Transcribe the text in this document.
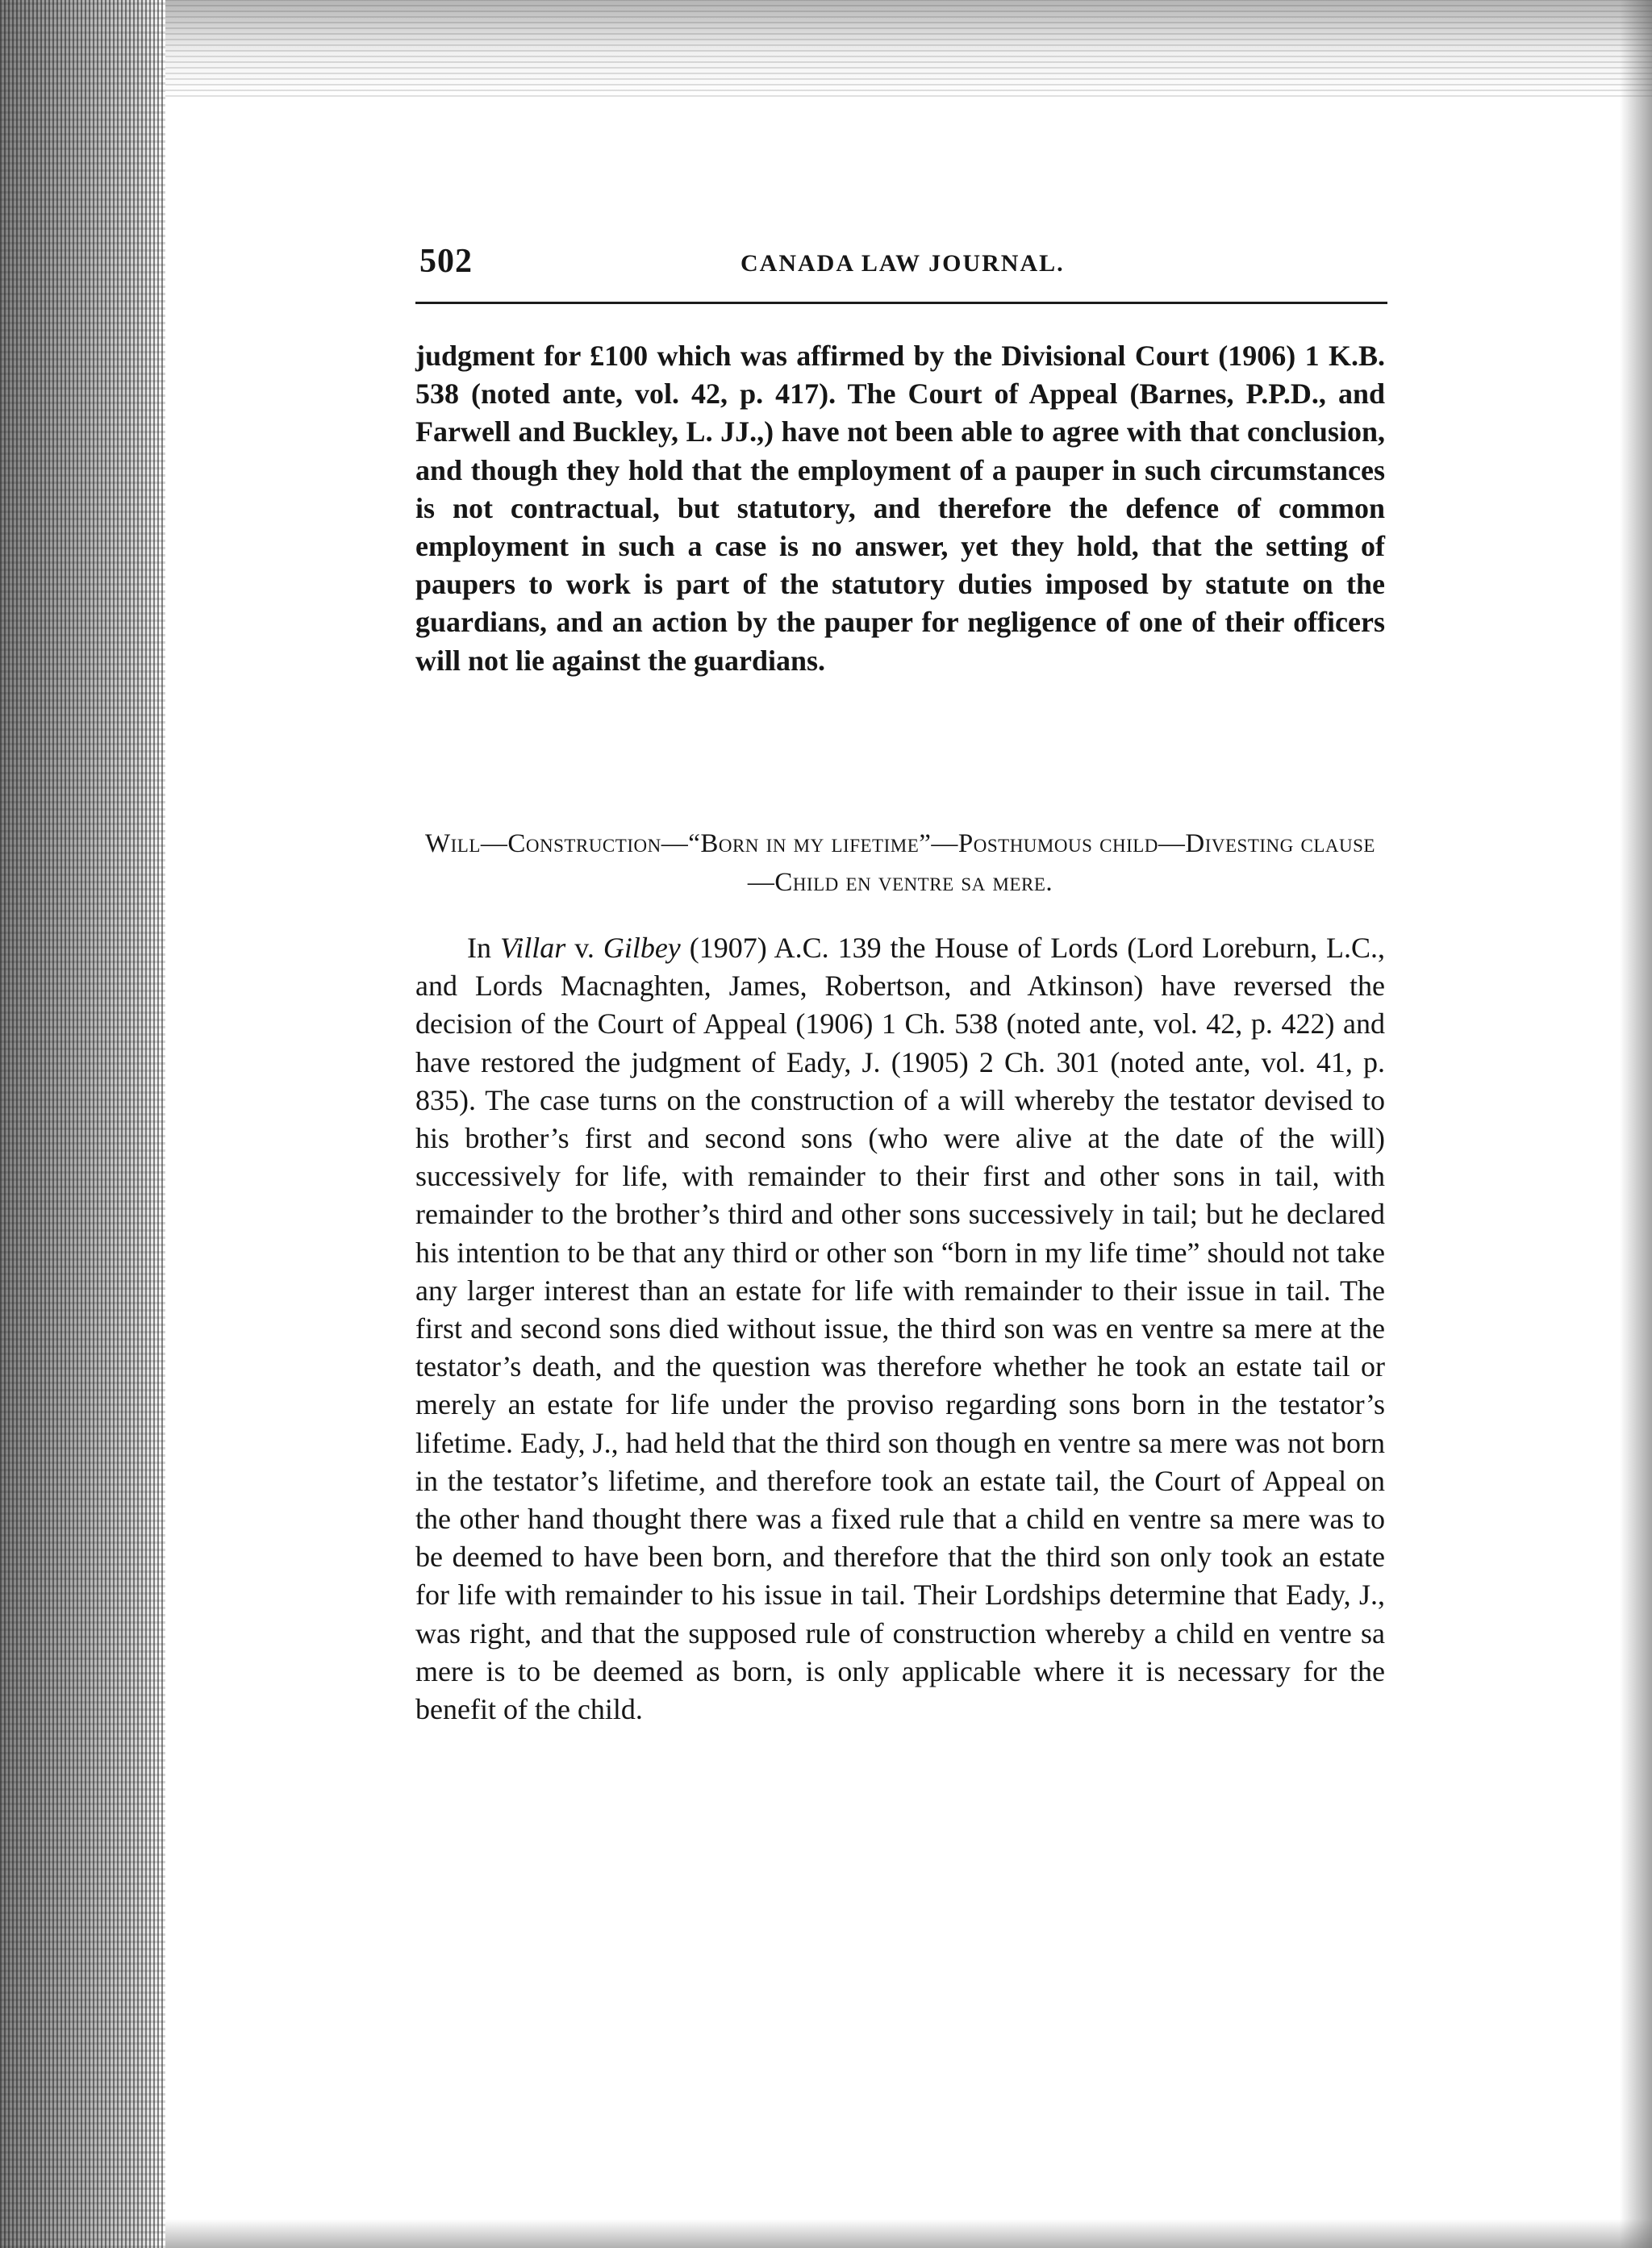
502	CANADA LAW JOURNAL.

judgment for £100 which was affirmed by the Divisional Court (1906) 1 K.B. 538 (noted ante, vol. 42, p. 417). The Court of Appeal (Barnes, P.P.D., and Farwell and Buckley, L. JJ.,) have not been able to agree with that conclusion, and though they hold that the employment of a pauper in such circumstances is not contractual, but statutory, and therefore the defence of common employment in such a case is no answer, yet they hold, that the setting of paupers to work is part of the statutory duties imposed by statute on the guardians, and an action by the pauper for negligence of one of their officers will not lie against the guardians.

Will—Construction—“Born in my lifetime”—Posthumous child—Divesting clause—Child en ventre sa mere.

In Villar v. Gilbey (1907) A.C. 139 the House of Lords (Lord Loreburn, L.C., and Lords Macnaghten, James, Robertson, and Atkinson) have reversed the decision of the Court of Appeal (1906) 1 Ch. 538 (noted ante, vol. 42, p. 422) and have restored the judgment of Eady, J. (1905) 2 Ch. 301 (noted ante, vol. 41, p. 835). The case turns on the construction of a will whereby the testator devised to his brother’s first and second sons (who were alive at the date of the will) successively for life, with remainder to their first and other sons in tail, with remainder to the brother’s third and other sons successively in tail; but he declared his intention to be that any third or other son “born in my life time” should not take any larger interest than an estate for life with remainder to their issue in tail. The first and second sons died without issue, the third son was en ventre sa mere at the testator’s death, and the question was therefore whether he took an estate tail or merely an estate for life under the proviso regarding sons born in the testator’s lifetime. Eady, J., had held that the third son though en ventre sa mere was not born in the testator’s lifetime, and therefore took an estate tail, the Court of Appeal on the other hand thought there was a fixed rule that a child en ventre sa mere was to be deemed to have been born, and therefore that the third son only took an estate for life with remainder to his issue in tail. Their Lordships determine that Eady, J., was right, and that the supposed rule of construction whereby a child en ventre sa mere is to be deemed as born, is only applicable where it is necessary for the benefit of the child.
